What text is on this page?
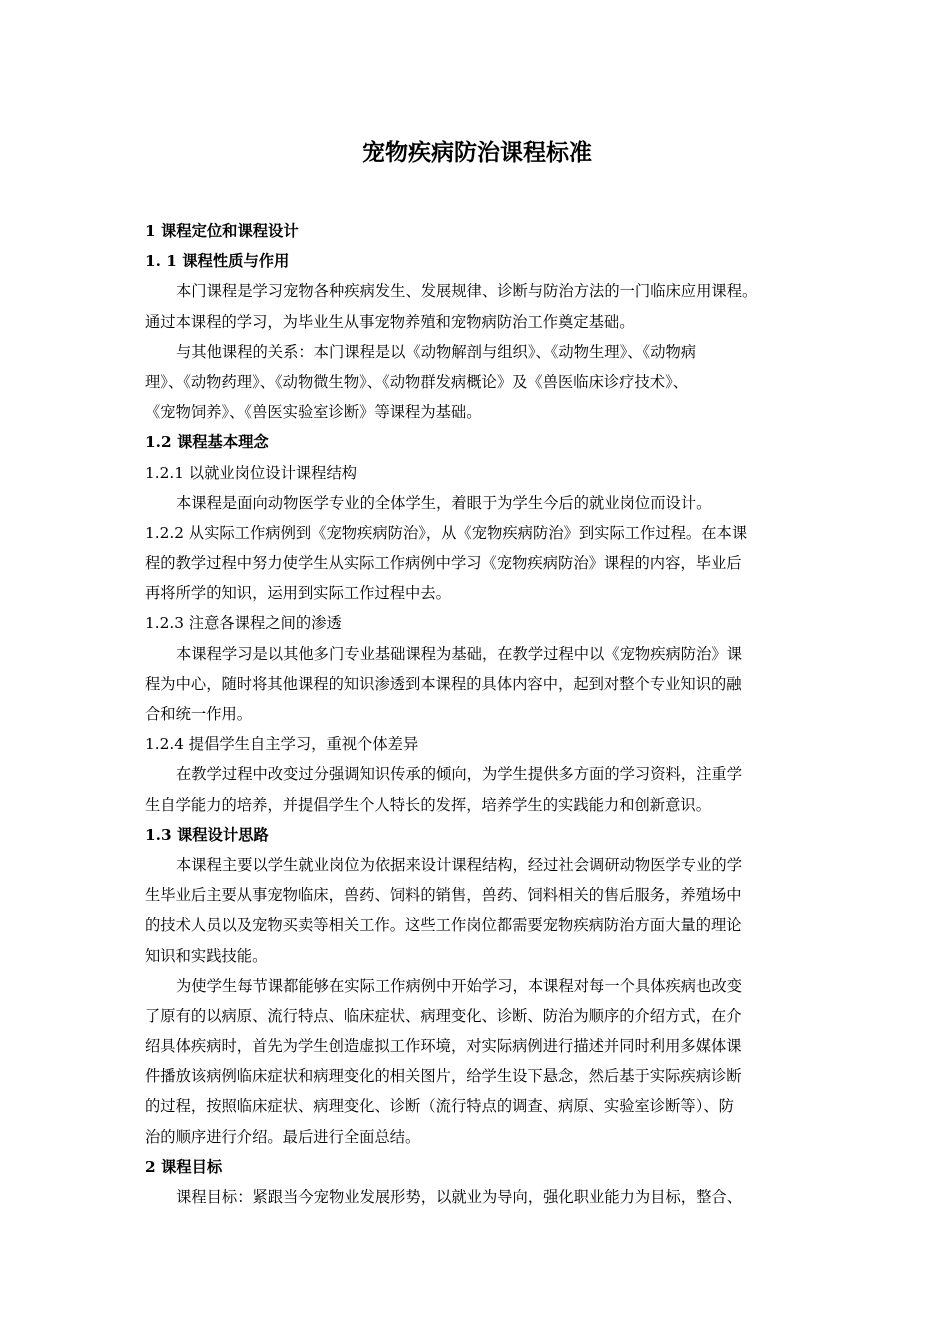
宠物疾病防治课程标准

1 课程定位和课程设计

1. 1 课程性质与作用

本门课程是学习宠物各种疾病发生、发展规律、诊断与防治方法的一门临床应用课程。

通过本课程的学习，为毕业生从事宠物养殖和宠物病防治工作奠定基础。

与其他课程的关系：本门课程是以《动物解剖与组织》、《动物生理》、《动物病

理》、《动物药理》、《动物微生物》、《动物群发病概论》及《兽医临床诊疗技术》、

《宠物饲养》、《兽医实验室诊断》等课程为基础。

1.2 课程基本理念

1.2.1 以就业岗位设计课程结构

本课程是面向动物医学专业的全体学生，着眼于为学生今后的就业岗位而设计。

1.2.2 从实际工作病例到《宠物疾病防治》，从《宠物疾病防治》到实际工作过程。在本课

程的教学过程中努力使学生从实际工作病例中学习《宠物疾病防治》课程的内容，毕业后

再将所学的知识，运用到实际工作过程中去。

1.2.3 注意各课程之间的渗透

本课程学习是以其他多门专业基础课程为基础，在教学过程中以《宠物疾病防治》课

程为中心，随时将其他课程的知识渗透到本课程的具体内容中，起到对整个专业知识的融

合和统一作用。

1.2.4 提倡学生自主学习，重视个体差异

在教学过程中改变过分强调知识传承的倾向，为学生提供多方面的学习资料，注重学

生自学能力的培养，并提倡学生个人特长的发挥，培养学生的实践能力和创新意识。

1.3 课程设计思路

本课程主要以学生就业岗位为依据来设计课程结构，经过社会调研动物医学专业的学

生毕业后主要从事宠物临床，兽药、饲料的销售，兽药、饲料相关的售后服务，养殖场中

的技术人员以及宠物买卖等相关工作。这些工作岗位都需要宠物疾病防治方面大量的理论

知识和实践技能。

为使学生每节课都能够在实际工作病例中开始学习，本课程对每一个具体疾病也改变

了原有的以病原、流行特点、临床症状、病理变化、诊断、防治为顺序的介绍方式，在介

绍具体疾病时，首先为学生创造虚拟工作环境，对实际病例进行描述并同时利用多媒体课

件播放该病例临床症状和病理变化的相关图片，给学生设下悬念，然后基于实际疾病诊断

的过程，按照临床症状、病理变化、诊断（流行特点的调查、病原、实验室诊断等）、防

治的顺序进行介绍。最后进行全面总结。

2 课程目标

课程目标：紧跟当今宠物业发展形势，以就业为导向，强化职业能力为目标，整合、
